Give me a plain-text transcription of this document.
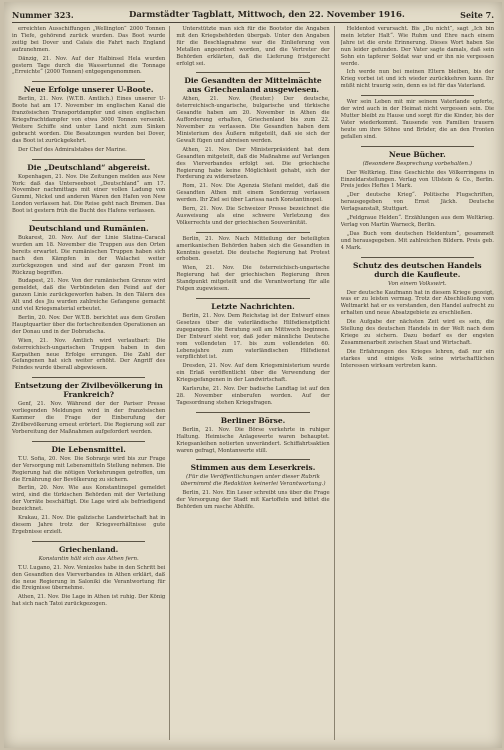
Nummer 323.	Darmstädter Tagblatt, Mittwoch, den 22. November 1916.	Seite 7.

erreichten Ausschiffungen „Wellington“ 2000 Tonnen in Tiefe, gehörend zurück wurden. Das Boot wurde zeitig bei Dover und Calais die Fahrt nach England aufzunehmen.

Dänzig, 21. Nov. Auf der Halbinsel Hela wurden gestern Tage durch die Wassertunnel die Tonnage „Erreichte“ (2000 Tonnen) entgegengenommen.

Neue Erfolge unserer U-Boote.

Berlin, 21. Nov. (W.T.B. Amtlich.) Eines unserer U-Boote hat am 17. November im englischen Kanal die französischen Transportdampfer und einen englischen Kriegsfrachtdampfer von etwa 3000 Tonnen versenkt. Weitere Schiffe sind unter Land nicht zum Sinken gebracht worden. Die Besatzungen wurden bei Dover, das Boot ist zurückgekehrt.

Der Chef des Admiralstabes der Marine.

Die „Deutschland“ abgereist.

Kopenhagen, 21. Nov. Die Zeitungen melden aus New York: daß das Unterseeboot „Deutschland“ am 17. November nachmittags mit einer vollen Ladung von Gummi, Nickel und anderen Waren den Hafen von New London verlassen hat. Die Reise geht nach Bremen. Das Boot ist gestern früh die Bucht des Hafens verlassen.

Deutschland und Rumänien.

Bukarest, 20. Nov. Auf der Linie Slatina–Caracal wurden am 18. November die Truppen aus den Orten bereits erwartet. Die rumänischen Truppen haben sich nach den Kämpfen in der Walachei weiter zurückgezogen und sind auf der ganzen Front im Rückzug begriffen.

Budapest, 21. Nov. Von der rumänischen Grenze wird gemeldet, daß die Verbündeten den Feind auf der ganzen Linie zurückgeworfen haben. In den Tälern des Alt und des Jiu wurden zahlreiche Gefangene gemacht und viel Kriegsmaterial erbeutet.

Berlin, 20. Nov. Der W.T.B. berichtet aus dem Großen Hauptquartier über die fortschreitenden Operationen an der Donau und in der Dobrudscha.

Wien, 21. Nov. Amtlich wird verlautbart: Die österreichisch-ungarischen Truppen haben in den Karpathen neue Erfolge errungen. Die Zahl der Gefangenen hat sich weiter erhöht. Der Angriff des Feindes wurde überall abgewiesen.

Entsetzung der Zivilbevölkerung in Frankreich?

Genf, 21. Nov. Während der der Pariser Presse vorliegenden Meldungen wird in der französischen Kammer die Frage der Einberufung der Zivilbevölkerung erneut erörtert. Die Regierung soll zur Vorbereitung der Maßnahmen aufgefordert werden.

Die Lebensmittel.

T.U. Sofia, 20. Nov. Die Sobranje wird bis zur Frage der Versorgung mit Lebensmitteln Stellung nehmen. Die Regierung hat die nötigen Vorkehrungen getroffen, um die Ernährung der Bevölkerung zu sichern.

Berlin, 20. Nov. Wie aus Konstantinopel gemeldet wird, sind die türkischen Behörden mit der Verteilung der Vorräte beschäftigt. Die Lage wird als befriedigend bezeichnet.

Krakau, 21. Nov. Die galizische Landwirtschaft hat in diesem Jahre trotz der Kriegsverhältnisse gute Ergebnisse erzielt.

Griechenland.
Konstantin hält sich aus Athen fern.

T.U. Lugano, 21. Nov. Venizelos habe in den Schritt bei den Gesandten des Vierverbandes in Athen erklärt, daß die neue Regierung in Saloniki die Verantwortung für die Ereignisse übernehme.

Athen, 21. Nov. Die Lage in Athen ist ruhig. Der König hat sich nach Tatoi zurückgezogen.

Unterstützte man sich für die Bootstor die Angaben mit den Kriegsbehörden übergab. Unter den Angaben für die Beschlagnahme war die Einlieferung von Metallen angeordnet worden, und die Vertreter der Behörden erklärten, daß die Lieferung fristgerecht erfolgt sei.

Die Gesandten der Mittelmächte aus Griechenland ausgewiesen.

Athen, 21. Nov. (Reuter.) Der deutsche, österreichisch-ungarische, bulgarische und türkische Gesandte haben am 20. November in Athen die Aufforderung erhalten, Griechenland bis zum 22. November zu verlassen. Die Gesandten haben dem Ministerium des Äußern mitgeteilt, daß sie sich der Gewalt fügen und abreisen werden.

Athen, 21. Nov. Der Ministerpräsident hat dem Gesandten mitgeteilt, daß die Maßnahme auf Verlangen des Vierverbandes erfolgt sei. Die griechische Regierung habe keine Möglichkeit gehabt, sich der Forderung zu widersetzen.

Rom, 21. Nov. Die Agenzia Stefani meldet, daß die Gesandten Athen mit einem Sonderzug verlassen werden. Ihr Ziel sei über Larissa nach Konstantinopel.

Bern, 21. Nov. Die Schweizer Presse bezeichnet die Ausweisung als eine schwere Verletzung des Völkerrechts und der griechischen Souveränität.

Berlin, 21. Nov. Nach Mitteilung der beteiligten amerikanischen Behörden haben sich die Gesandten in Kenntnis gesetzt. Die deutsche Regierung hat Protest erhoben.

Wien, 21. Nov. Die österreichisch-ungarische Regierung hat der griechischen Regierung ihren Standpunkt mitgeteilt und die Verantwortung für alle Folgen zugewiesen.

Letzte Nachrichten.

Berlin, 21. Nov. Dem Reichstag ist der Entwurf eines Gesetzes über die vaterländische Hilfsdienstpflicht zugegangen. Die Beratung soll am Mittwoch beginnen. Der Entwurf sieht vor, daß jeder männliche Deutsche vom vollendeten 17. bis zum vollendeten 60. Lebensjahre zum vaterländischen Hilfsdienst verpflichtet ist.

Dresden, 21. Nov. Auf dem Kriegsministerium wurde ein Erlaß veröffentlicht über die Verwendung der Kriegsgefangenen in der Landwirtschaft.

Karlsruhe, 21. Nov. Der badische Landtag ist auf den 28. November einberufen worden. Auf der Tagesordnung stehen Kriegsfragen.

Berliner Börse.

Berlin, 21. Nov. Die Börse verkehrte in ruhiger Haltung. Heimische Anlagewerte waren behauptet. Kriegsanleihen notierten unverändert. Schiffahrtsaktien waren gefragt, Montanwerte still.

Stimmen aus dem Leserkreis.
(Für die Veröffentlichungen unter dieser Rubrik übernimmt die Redaktion keinerlei Verantwortung.)

Berlin, 21. Nov. Ein Leser schreibt uns über die Frage der Versorgung der Stadt mit Kartoffeln und bittet die Behörden um rasche Abhilfe.

Heldentod verursacht. Bis „Du nicht“, sagt „Ich bin mein letzter Halt“. Wie Ruhm und Ehre nach einem Jahre ist die erste Erinnerung. Dieses Wort haben Sie nun leider gefunden. Der Vater sagte damals, daß sein Sohn ein tapferer Soldat war und er ihn nie vergessen werde.

Ich werde nun bei meinen Eltern bleiben, bis der Krieg vorbei ist und ich wieder zurückkehren kann. Ihr müßt nicht traurig sein, denn es ist für das Vaterland.

Wer sein Leben mit mir seinem Vaterlande opferte, der wird auch in der Heimat nicht vergessen sein. Die Mutter bleibt zu Hause und sorgt für die Kinder, bis der Vater wiederkommt. Tausende von Familien trauern heute um ihre Söhne und Brüder, die an den Fronten gefallen sind.

Neue Bücher.
(Besondere Besprechung vorbehalten.)

Der Weltkrieg. Eine Geschichte des Völkerringens in Einzeldarstellungen. Verlag von Ullstein & Co., Berlin. Preis jedes Heftes 1 Mark.

„Der deutsche Krieg“. Politische Flugschriften, herausgegeben von Ernst Jäckh. Deutsche Verlagsanstalt, Stuttgart.

„Feldgraue Helden“. Erzählungen aus dem Weltkrieg. Verlag von Martin Warneck, Berlin.

„Das Buch vom deutschen Heldentum“, gesammelt und herausgegeben. Mit zahlreichen Bildern. Preis geb. 4 Mark.

Schutz des deutschen Handels durch die Kaufleute.
Von einem Volkswirt.

Der deutsche Kaufmann hat in diesem Kriege gezeigt, was er zu leisten vermag. Trotz der Abschließung vom Weltmarkt hat er es verstanden, den Handel aufrecht zu erhalten und neue Absatzgebiete zu erschließen.

Die Aufgabe der nächsten Zeit wird es sein, die Stellung des deutschen Handels in der Welt nach dem Kriege zu sichern. Dazu bedarf es der engsten Zusammenarbeit zwischen Staat und Wirtschaft.

Die Erfahrungen des Krieges lehren, daß nur ein starkes und einiges Volk seine wirtschaftlichen Interessen wirksam vertreten kann.
